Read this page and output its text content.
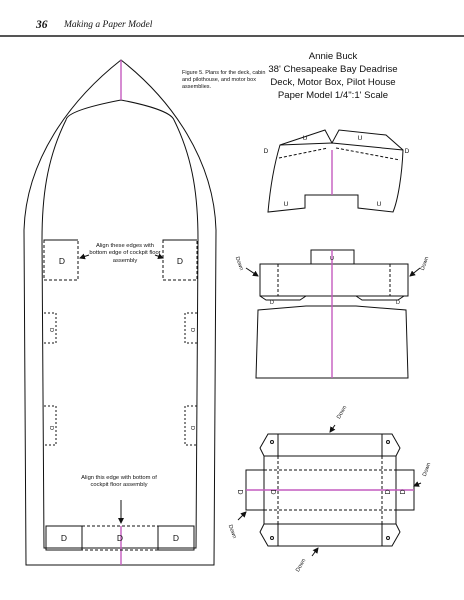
36 Making a Paper Model
Figure 5. Plans for the deck, cabin and pilothouse, and motor box assemblies.
Annie Buck
38' Chesapeake Bay Deadrise
Deck, Motor Box, Pilot House
Paper Model 1/4":1' Scale
Align these edges with bottom edge of cockpit floor assembly
Align this edge with bottom of cockpit floor assembly
D	D
D	D	D
D	D
D	D
D	D
U	U
U	U
Down	Down
U
D	D
Down
Down
Down
Down
D	D
D	D
